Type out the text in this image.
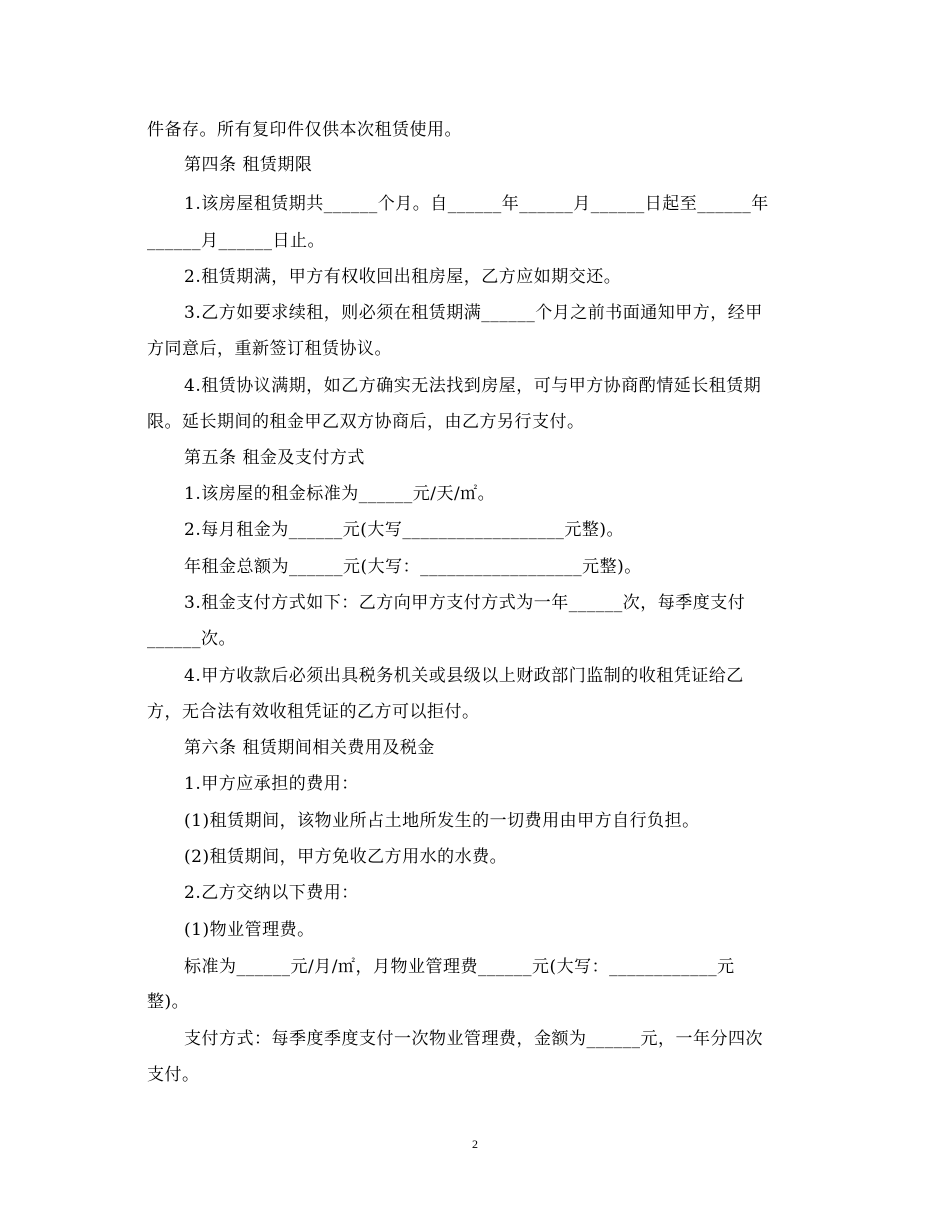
件备存。所有复印件仅供本次租赁使用。
第四条 租赁期限
1.该房屋租赁期共______个月。自______年______月______日起至______年
______月______日止。
2.租赁期满，甲方有权收回出租房屋，乙方应如期交还。
3.乙方如要求续租，则必须在租赁期满______个月之前书面通知甲方，经甲
方同意后，重新签订租赁协议。
4.租赁协议满期，如乙方确实无法找到房屋，可与甲方协商酌情延长租赁期
限。延长期间的租金甲乙双方协商后，由乙方另行支付。
第五条 租金及支付方式
1.该房屋的租金标准为______元/天/㎡。
2.每月租金为______元(大写__________________元整)。
年租金总额为______元(大写：__________________元整)。
3.租金支付方式如下：乙方向甲方支付方式为一年______次，每季度支付
______次。
4.甲方收款后必须出具税务机关或县级以上财政部门监制的收租凭证给乙
方，无合法有效收租凭证的乙方可以拒付。
第六条 租赁期间相关费用及税金
1.甲方应承担的费用：
(1)租赁期间，该物业所占土地所发生的一切费用由甲方自行负担。
(2)租赁期间，甲方免收乙方用水的水费。
2.乙方交纳以下费用：
(1)物业管理费。
标准为______元/月/㎡，月物业管理费______元(大写：____________元
整)。
支付方式：每季度季度支付一次物业管理费，金额为______元，一年分四次
支付。
2
